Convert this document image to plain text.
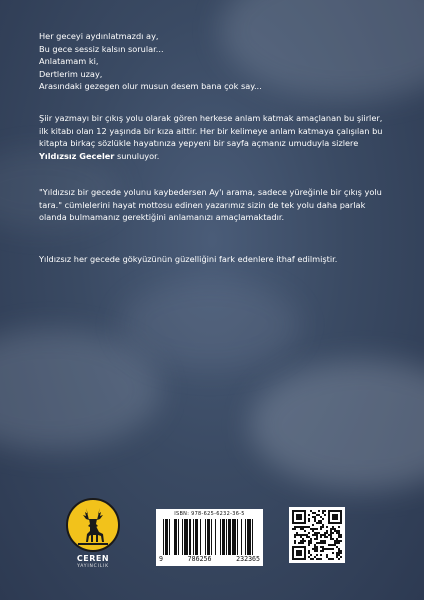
Her geceyi aydınlatmazdı ay,

Bu gece sessiz kalsın sorular...

Anlatamam ki,

Dertlerim uzay,

Arasındaki gezegen olur musun desem bana çok say...

Şiir yazmayı bir çıkış yolu olarak gören herkese anlam katmak amaçlanan bu şiirler, ilk kitabı olan 12 yaşında bir kıza aittir. Her bir kelimeye anlam katmaya çalışılan bu kitapta birkaç sözlükle hayatınıza yepyeni bir sayfa açmanız umuduyla sizlere Yıldızsız Geceler sunuluyor.

"Yıldızsız bir gecede yolunu kaybedersen Ay'ı arama, sadece yüreğinle bir çıkış yolu tara." cümlelerini hayat mottosu edinen yazarımız sizin de tek yolu daha parlak olanda bulmamanız gerektiğini anlamanızı amaçlamaktadır.

Yıldızsız her gecede gökyüzünün güzelliğini fark edenlere ithaf edilmiştir.

CEREN
YAYINCILIK
ISBN: 978-625-6232-36-5
9	786256	232365
